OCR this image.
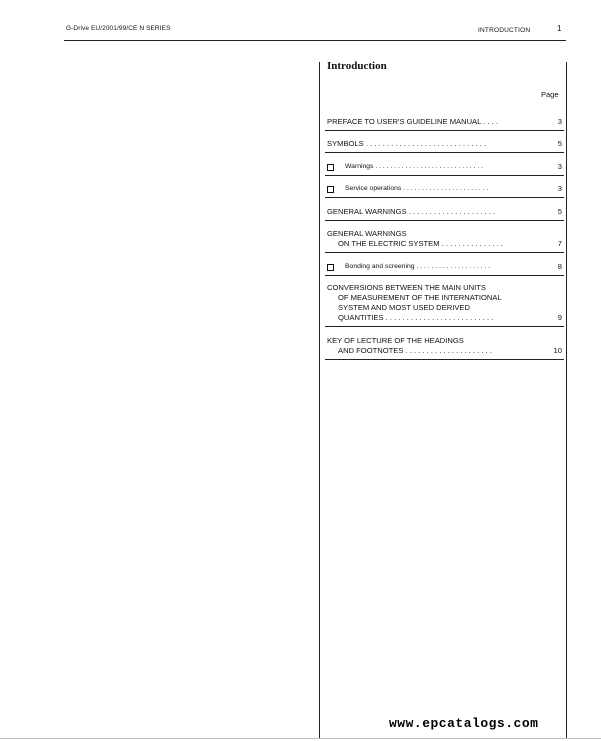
G-Drive EU/2001/99/CE N SERIES	INTRODUCTION	1
Introduction
Page
PREFACE TO USER'S GUIDELINE MANUAL . . . .	3
SYMBOLS . . . . . . . . . . . . . . . . . . . . . . . . . . . . .	5
Warnings . . . . . . . . . . . . . . . . . . . . . . . . . . . . .	3
Service operations . . . . . . . . . . . . . . . . . . . . . . .	3
GENERAL WARNINGS . . . . . . . . . . . . . . . . . . . . .	5
GENERAL WARNINGS
ON THE ELECTRIC SYSTEM . . . . . . . . . . . . . . .	7
Bonding and screening . . . . . . . . . . . . . . . . . . . .	8
CONVERSIONS BETWEEN THE MAIN UNITS
OF MEASUREMENT OF THE INTERNATIONAL
SYSTEM AND MOST USED DERIVED
QUANTITIES . . . . . . . . . . . . . . . . . . . . . . . . . .	9
KEY OF LECTURE OF THE HEADINGS
AND FOOTNOTES . . . . . . . . . . . . . . . . . . . . .	10
www.epcatalogs.com
